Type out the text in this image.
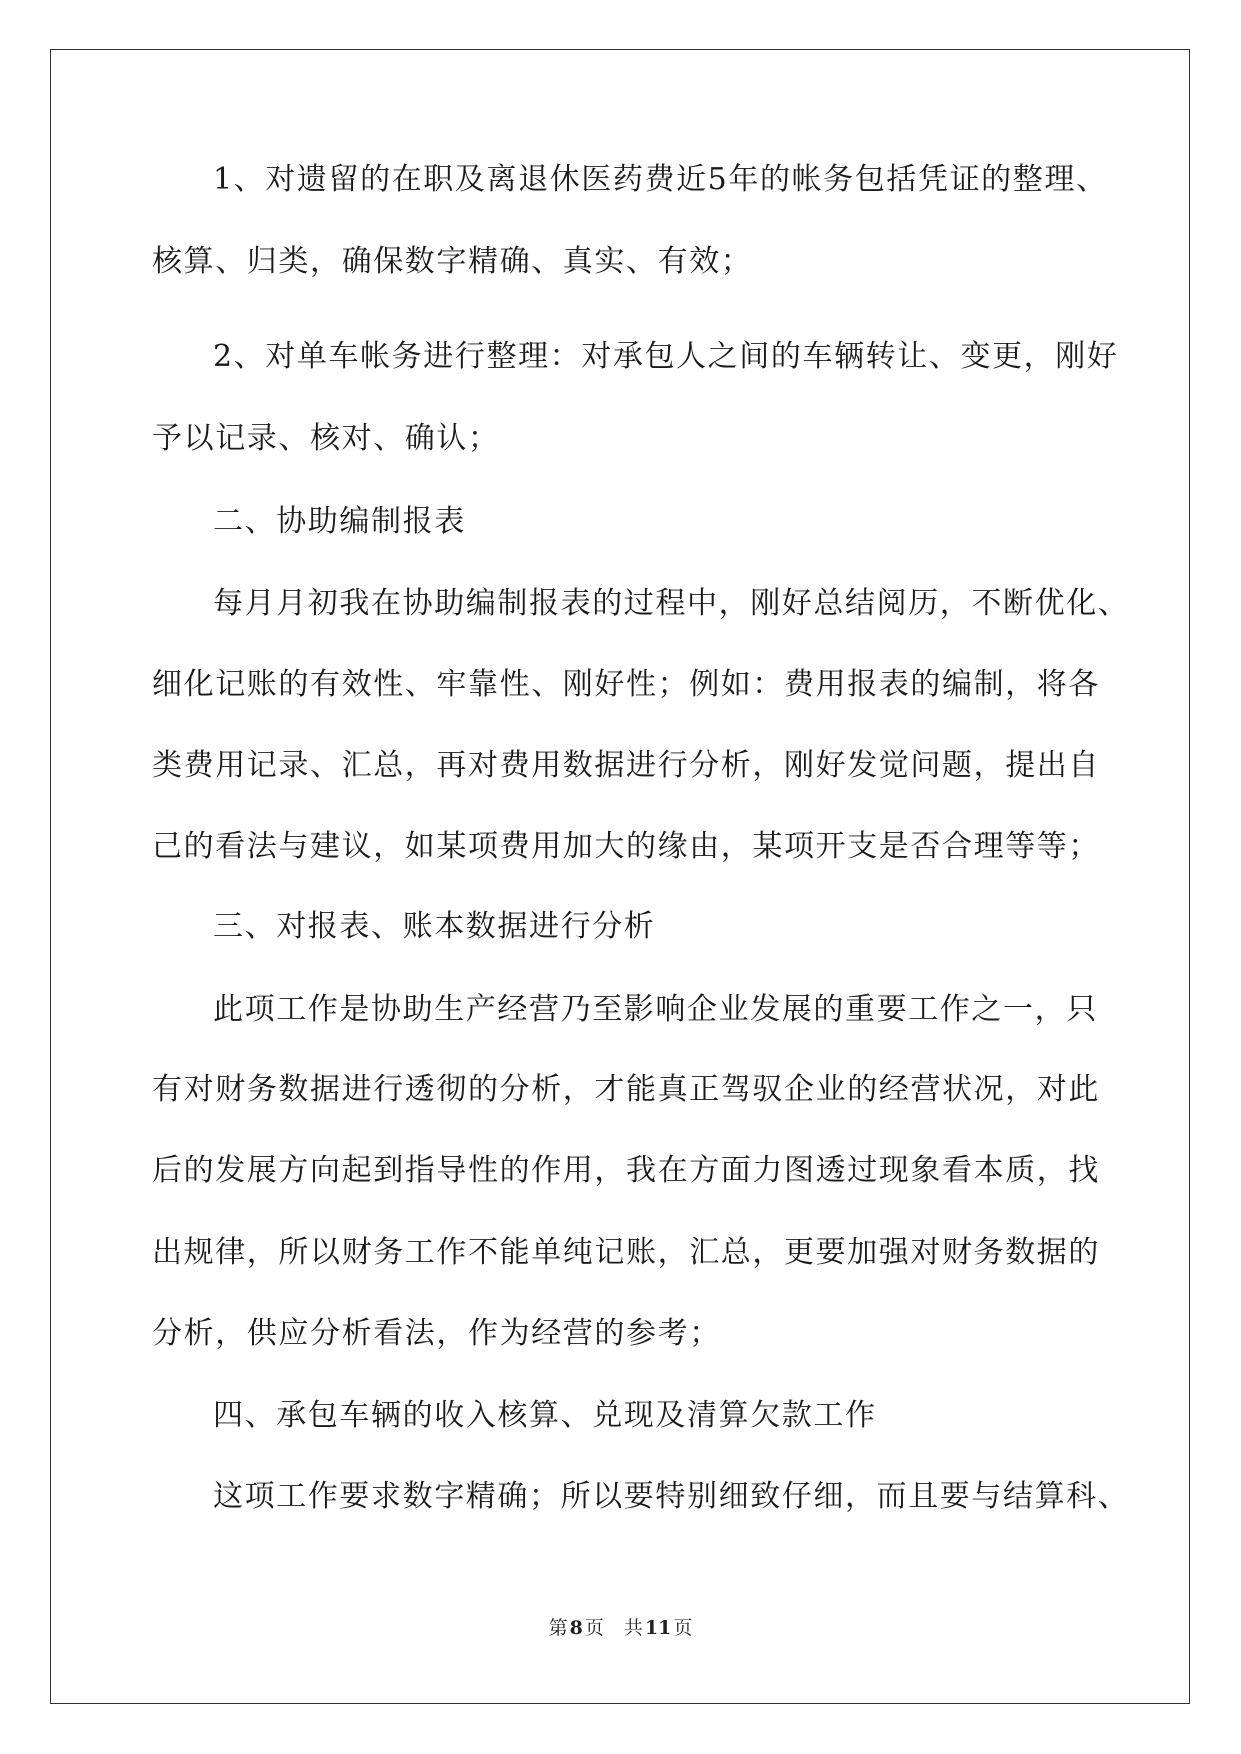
1、对遗留的在职及离退休医药费近5年的帐务包括凭证的整理、
核算、归类，确保数字精确、真实、有效；
2、对单车帐务进行整理：对承包人之间的车辆转让、变更，刚好
予以记录、核对、确认；
二、协助编制报表
每月月初我在协助编制报表的过程中，刚好总结阅历，不断优化、
细化记账的有效性、牢靠性、刚好性；例如：费用报表的编制，将各
类费用记录、汇总，再对费用数据进行分析，刚好发觉问题，提出自
己的看法与建议，如某项费用加大的缘由，某项开支是否合理等等；
三、对报表、账本数据进行分析
此项工作是协助生产经营乃至影响企业发展的重要工作之一，只
有对财务数据进行透彻的分析，才能真正驾驭企业的经营状况，对此
后的发展方向起到指导性的作用，我在方面力图透过现象看本质，找
出规律，所以财务工作不能单纯记账，汇总，更要加强对财务数据的
分析，供应分析看法，作为经营的参考；
四、承包车辆的收入核算、兑现及清算欠款工作
这项工作要求数字精确；所以要特别细致仔细，而且要与结算科、
第 8 页 共 11 页
